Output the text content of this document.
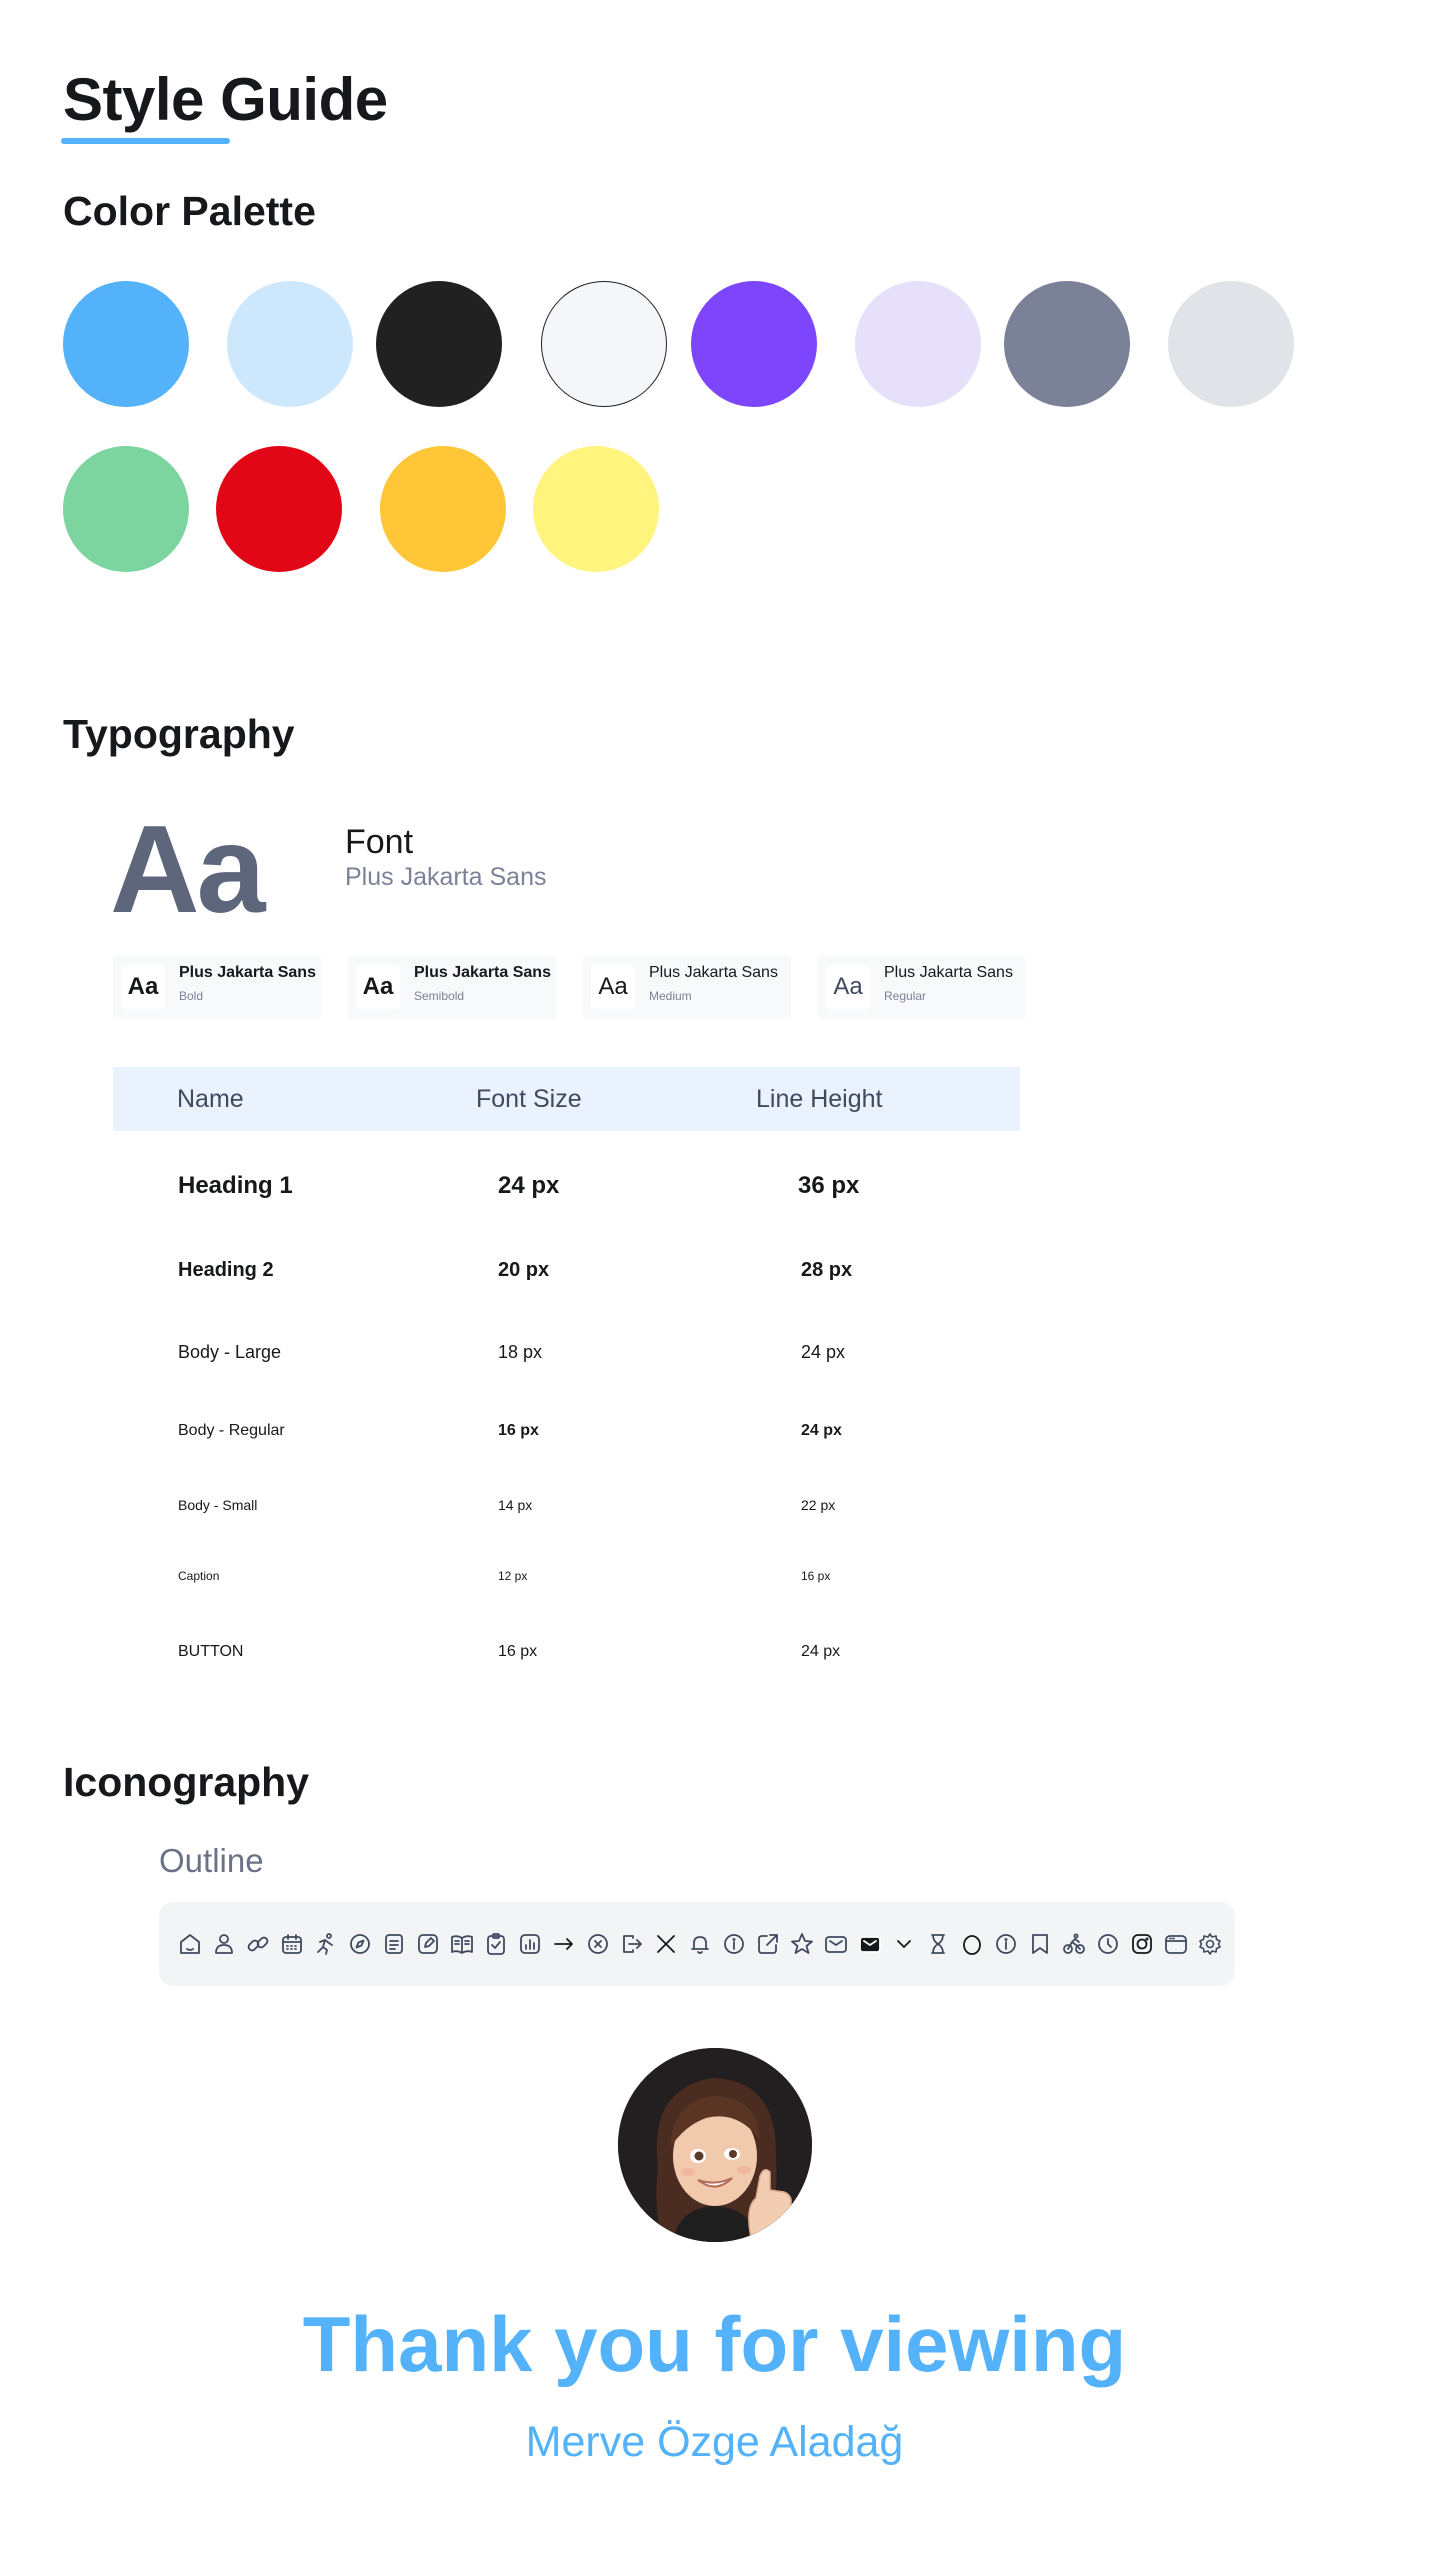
Style Guide
Color Palette
Typography
Aa Font
Plus Jakarta Sans
Aa
Plus Jakarta Sans
Bold	Aa
Plus Jakarta Sans
Semibold	Aa
Plus Jakarta Sans
Medium	Aa
Plus Jakarta Sans
Regular
Name	Font Size	Line Height
Heading 1	24 px	36 px
Heading 2	20 px	28 px
Body - Large	18 px	24 px
Body - Regular	16 px	24 px
Body - Small	14 px	22 px
Caption	12 px	16 px
BUTTON	16 px	24 px
Iconography
Outline
Thank you for viewing
Merve Özge Aladağ
